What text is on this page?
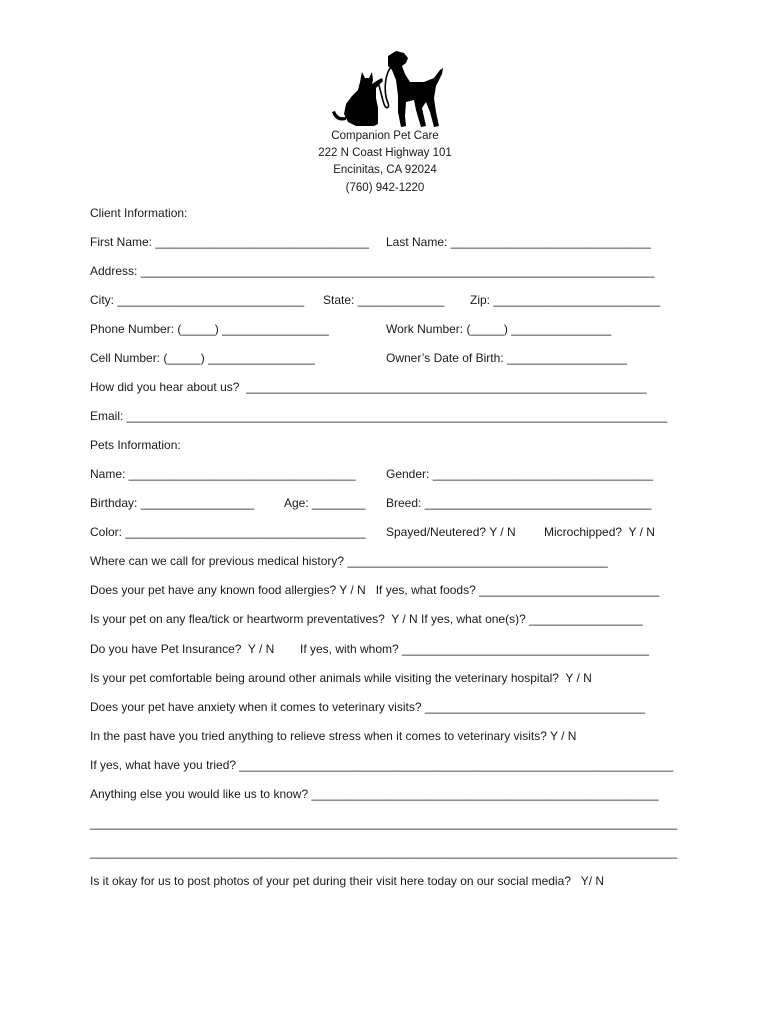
Companion Pet Care
222 N Coast Highway 101
Encinitas, CA 92024
(760) 942-1220
Client Information:
First Name: ________________________________ Last Name: ______________________________
Address: _____________________________________________________________________________
City: ____________________________ State: _____________ Zip: _________________________
Phone Number: (_____) ________________	Work Number: (_____) _______________
Cell Number: (_____) ________________	Owner’s Date of Birth: __________________
How did you hear about us?  ____________________________________________________________
Email: _________________________________________________________________________________
Pets Information:
Name: __________________________________	Gender: _________________________________
Birthday: _________________ Age: ________ Breed: __________________________________
Color: ____________________________________ Spayed/Neutered? Y / N Microchipped?  Y / N
Where can we call for previous medical history? _______________________________________
Does your pet have any known food allergies? Y / N   If yes, what foods? ___________________________
Is your pet on any flea/tick or heartworm preventatives?  Y / N If yes, what one(s)? _________________
Do you have Pet Insurance?  Y / N If yes, with whom? _____________________________________
Is your pet comfortable being around other animals while visiting the veterinary hospital?  Y / N
Does your pet have anxiety when it comes to veterinary visits? _________________________________
In the past have you tried anything to relieve stress when it comes to veterinary visits? Y / N
If yes, what have you tried? _________________________________________________________________
Anything else you would like us to know? ____________________________________________________
________________________________________________________________________________________
________________________________________________________________________________________
Is it okay for us to post photos of your pet during their visit here today on our social media?   Y/ N
